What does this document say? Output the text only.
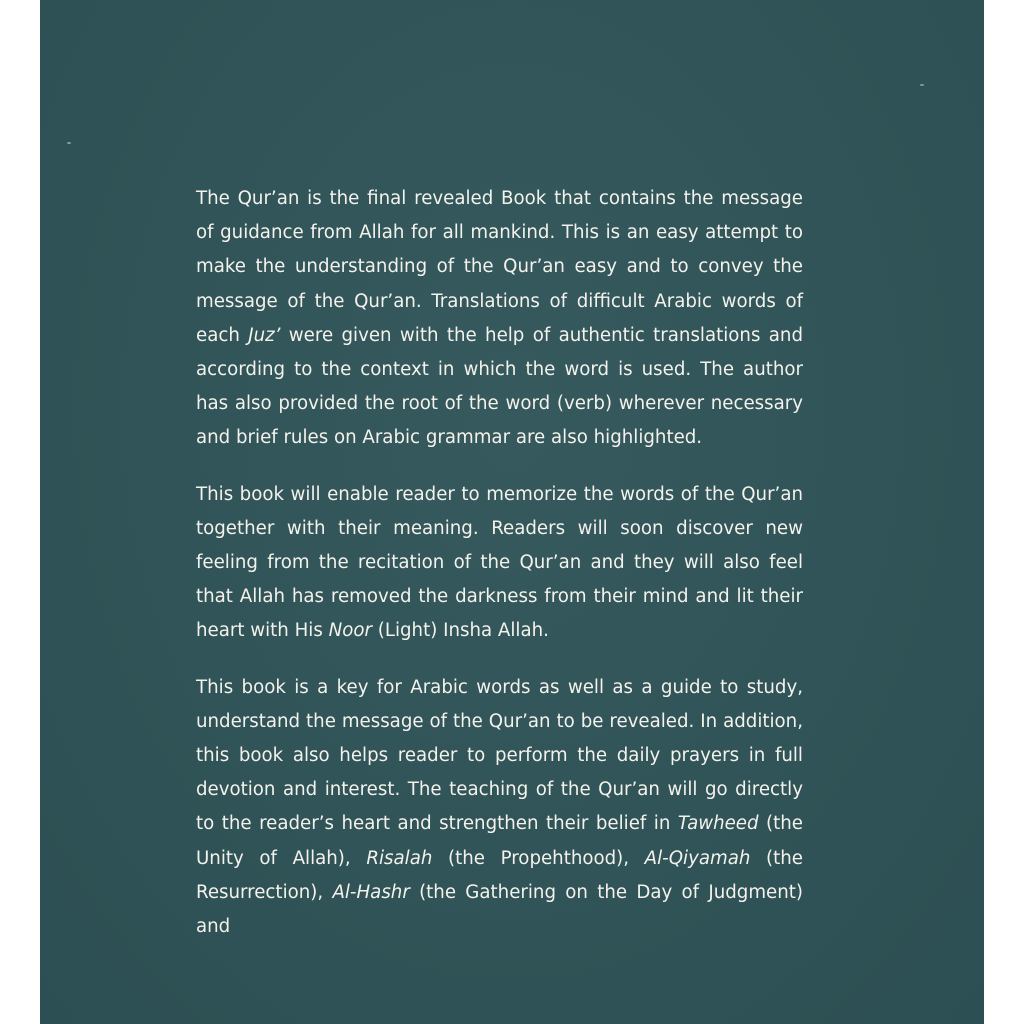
The Qur’an is the final revealed Book that contains the message of guidance from Allah for all mankind. This is an easy attempt to make the understanding of the Qur’an easy and to convey the message of the Qur’an. Translations of difficult Arabic words of each Juz’ were given with the help of authentic translations and according to the context in which the word is used. The author has also provided the root of the word (verb) wherever necessary and brief rules on Arabic grammar are also highlighted.

This book will enable reader to memorize the words of the Qur’an together with their meaning. Readers will soon discover new feeling from the recitation of the Qur’an and they will also feel that Allah has removed the darkness from their mind and lit their heart with His Noor (Light) Insha Allah.

This book is a key for Arabic words as well as a guide to study, understand the message of the Qur’an to be revealed. In addition, this book also helps reader to perform the daily prayers in full devotion and interest. The teaching of the Qur’an will go directly to the reader’s heart and strengthen their belief in Tawheed (the Unity of Allah), Risalah (the Propehthood), Al-Qiyamah (the Resurrection), Al-Hashr (the Gathering on the Day of Judgment) and
